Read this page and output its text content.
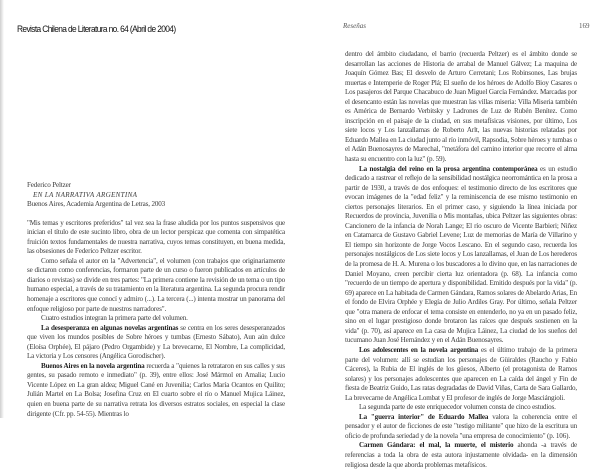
Revista Chilena de Literatura no. 64 (Abril de 2004)

Federico Peltzer

EN LA NARRATIVA ARGENTINA

Buenos Aires, Academia Argentina de Letras, 2003

"Mis temas y escritores preferidos" tal vez sea la frase aludida por los puntos suspensivos que inician el título de este sucinto libro, obra de un lector perspicaz que comenta con simpatética fruición textos fundamentales de nuestra narrativa, cuyos temas constituyen, en buena medida, las obsesiones de Federico Peltzer escritor.

Como señala el autor en la "Advertencia", el volumen (con trabajos que originariamente se dictaron como conferencias, formaron parte de un curso o fueron publicados en artículos de diarios o revistas) se divide en tres partes: "La primera contiene la revisión de un tema o un tipo humano especial, a través de su tratamiento en la literatura argentina. La segunda procura rendir homenaje a escritores que conocí y admiro (...). La tercera (...) intenta mostrar un panorama del enfoque religioso por parte de nuestros narradores".

Cuatro estudios integran la primera parte del volumen.

La desesperanza en algunas novelas argentinas se centra en los seres desesperanzados que viven los mundos posibles de Sobre héroes y tumbas (Ernesto Sábato), Aun aún dulce (Eloísa Orphée), El pájaro (Pedro Orgambide) y La brevecarne, El Nombre, La complicidad, La victoria y Los censores (Angélica Gorodischer).

Buenos Aires en la novela argentina recuerda a "quienes la retrataron en sus calles y sus gentes, su pasado remoto e inmediato" (p. 39), entre ellos: José Mármol en Amalia; Lucio Vicente López en La gran aldea; Miguel Cané en Juvenilia; Carlos María Ocantos en Quilito; Julián Martel en La Bolsa; Josefina Cruz en El cuarto sobre el río o Manuel Mujica Láinez, quien en buena parte de su narrativa retrata los diversos estratos sociales, en especial la clase dirigente (Cfr. pp. 54-55). Mientras lo

Reseñas	169

dentro del ámbito ciudadano, el barrio (recuerda Peltzer) es el ámbito donde se desarrollan las acciones de Historia de arrabal de Manuel Gálvez; La maquina de Joaquín Gómez Bas; El desvelo de Arturo Cerretani; Los Robinsones, Las brujas muertas e Intemperie de Roger Plá; El sueño de los héroes de Adolfo Bioy Casares o Los pasajeros del Parque Chacabuco de Juan Miguel García Fernández. Marcadas por el desencanto están las novelas que muestran las villas miseria: Villa Miseria también es América de Bernardo Verbitsky y Ladrones de Luz de Rubén Benítez. Como inscripción en el paisaje de la ciudad, en sus metafísicas visiones, por último, Los siete locos y Los lanzallamas de Roberto Arlt, las nuevas historias relatadas por Eduardo Mallea en La ciudad junto al río inmóvil, Rapsodia, Sobre héroes y tumbas o el Adán Buenosayres de Marechal, "metáfora del camino interior que recorre el alma hasta su encuentro con la luz" (p. 59).

La nostalgia del reino en la prosa argentina contemporánea es un estudio dedicado a rastrear el reflejo de la sensibilidad nostálgica neorromántica en la prosa a partir de 1930, a través de dos enfoques: el testimonio directo de los escritores que evocan imágenes de la "edad feliz" y la reminiscencia de ese mismo testimonio en ciertos personajes literarios. En el primer caso, y siguiendo la línea iniciada por Recuerdos de provincia, Juvenilia o Mis montañas, ubica Peltzer las siguientes obras: Cancionero de la infancia de Norah Lange; El río oscuro de Vicente Barbieri; Niñez en Catamarca de Gustavo Gabriel Levene; Luz de memorias de María de Villarino y El tiempo sin horizonte de Jorge Vocos Lescano. En el segundo caso, recuerda los personajes nostálgicos de Los siete locos y Los lanzallamas, el Juan de Los herederos de la promesa de H. A. Murena o los buscadores a lo divino que, en las narraciones de Daniel Moyano, creen percibir cierta luz orientadora (p. 68). La infancia como "recuerdo de un tiempo de apertura y disponibilidad. Emitido después por la vida" (p. 69) aparece en La habitada de Carmen Gándara, Ramos solares de Abelardo Arias, En el fondo de Elvira Orphée y Elegía de Julio Ardiles Gray. Por último, señala Peltzer que "otra manera de enfocar el tema consiste en entenderlo, no ya en un pasado feliz, sino en el lugar prestigioso donde brotaron las raíces que después sostienen en la vida" (p. 70), así aparece en La casa de Mujica Láinez, La ciudad de los sueños del tucumano Juan José Hernández y en el Adán Buenosayres.

Los adolescentes en la novela argentina es el último trabajo de la primera parte del volumen: allí se estudian los personajes de Güiraldes (Raucho y Fabio Cáceres), la Rubia de El inglés de los güesos, Alberto (el protagonista de Ramos solares) y los personajes adolescentes que aparecen en La caída del ángel y Fin de fiesta de Beatriz Guido, Las ratas degradadas de David Viñas, Carta de Sara Gallardo, La brevecarne de Angélica Lombat y El profesor de inglés de Jorge Masciángioli.

La segunda parte de este enriquecedor volumen consta de cinco estudios.

La "guerra interior" de Eduardo Mallea valora la coherencia entre el pensador y el autor de ficciones de este "testigo militante" que hizo de la escritura un oficio de profunda seriedad y de la novela "una empresa de conocimiento" (p. 106).

Carmen Gándara: el mal, la muerte, el misterio ahonda -a través de referencias a toda la obra de esta autora injustamente olvidada- en la dimensión religiosa desde la que aborda problemas metafísicos.
